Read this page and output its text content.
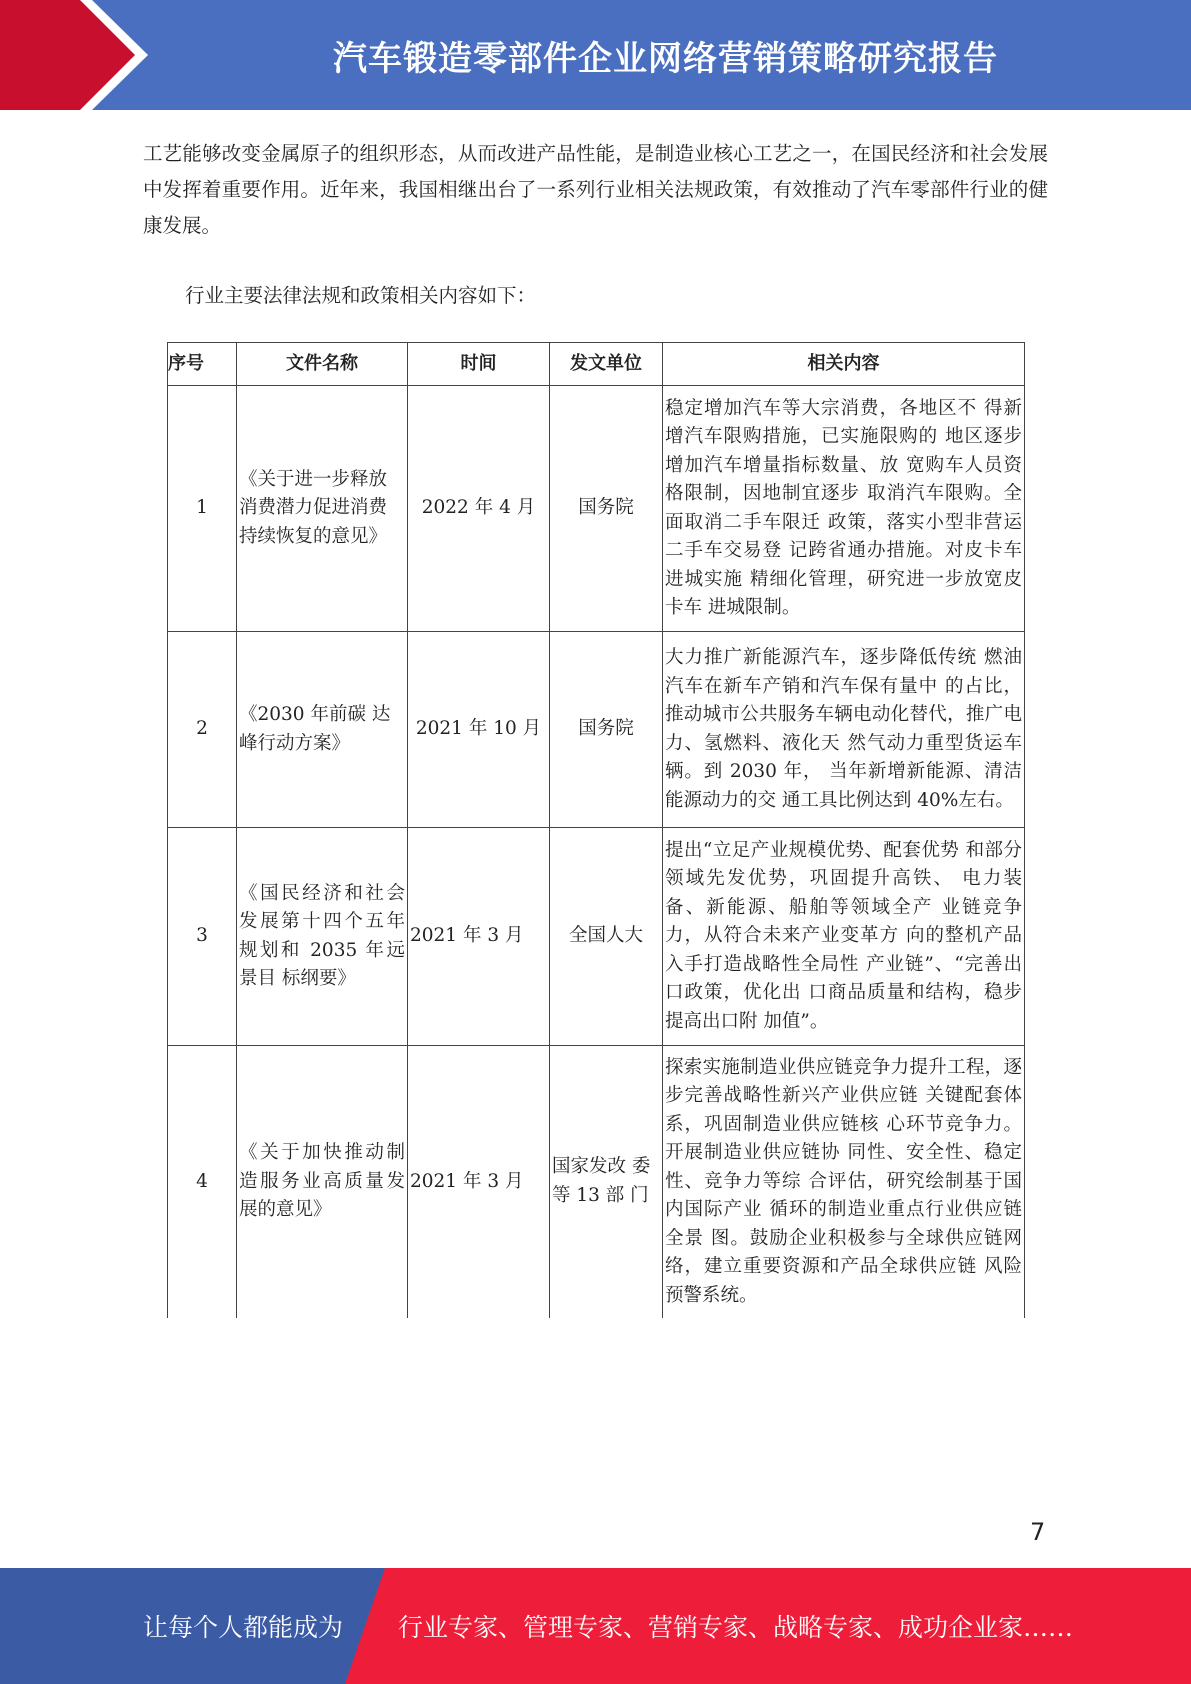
汽车锻造零部件企业网络营销策略研究报告
工艺能够改变金属原子的组织形态，从而改进产品性能，是制造业核心工艺之一，在国民经济和社会发展中发挥着重要作用。近年来，我国相继出台了一系列行业相关法规政策，有效推动了汽车零部件行业的健康发展。
行业主要法律法规和政策相关内容如下：
序号	文件名称	时间	发文单位	相关内容
1	《关于进一步释放消费潜力促进消费持续恢复的意见》	2022 年 4 月	国务院	稳定增加汽车等大宗消费，各地区不 得新增汽车限购措施，已实施限购的 地区逐步增加汽车增量指标数量、放 宽购车人员资格限制，因地制宜逐步 取消汽车限购。全面取消二手车限迁 政策，落实小型非营运二手车交易登 记跨省通办措施。对皮卡车进城实施 精细化管理，研究进一步放宽皮卡车 进城限制。
2	《2030 年前碳 达峰行动方案》	2021 年 10 月	国务院	大力推广新能源汽车，逐步降低传统 燃油汽车在新车产销和汽车保有量中 的占比，推动城市公共服务车辆电动化替代，推广电力、氢燃料、液化天 然气动力重型货运车辆。到 2030 年， 当年新增新能源、清洁能源动力的交 通工具比例达到 40%左右。
3	《国民经济和社会发展第十四个五年规划和 2035 年远景目 标纲要》	2021 年 3 月	全国人大	提出“立足产业规模优势、配套优势 和部分领域先发优势，巩固提升高铁、 电力装备、新能源、船舶等领域全产 业链竞争力，从符合未来产业变革方 向的整机产品入手打造战略性全局性 产业链”、“完善出口政策，优化出 口商品质量和结构，稳步提高出口附 加值”。
4	《关于加快推动制造服务业高质量发展的意见》	2021 年 3 月	国家发改 委等 13 部 门	探索实施制造业供应链竞争力提升工程，逐步完善战略性新兴产业供应链 关键配套体系，巩固制造业供应链核 心环节竞争力。开展制造业供应链协 同性、安全性、稳定性、竞争力等综 合评估，研究绘制基于国内国际产业 循环的制造业重点行业供应链全景 图。鼓励企业积极参与全球供应链网 络，建立重要资源和产品全球供应链 风险预警系统。
7
让每个人都能成为 行业专家、管理专家、营销专家、战略专家、成功企业家……
